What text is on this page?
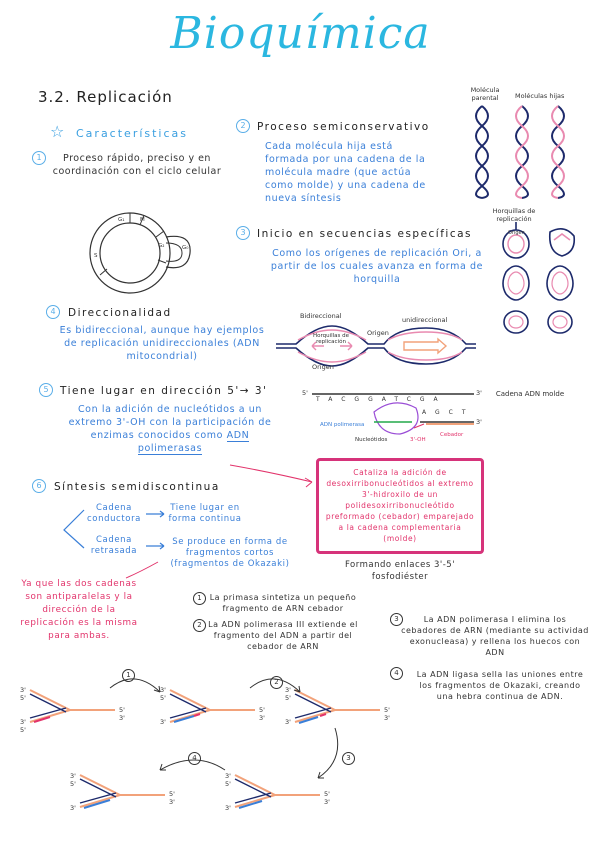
Bioquímica
3.2. Replicación
☆ Características
1	Proceso rápido, preciso y en coordinación con el ciclo celular
G₁	M
G₂	G₀
S
2	Proceso semiconservativo
Cada molécula hija está formada por una cadena de la molécula madre (que actúa como molde) y una cadena de nueva síntesis
Molécula parental	Moléculas hijas
3	Inicio en secuencias específicas
Como los orígenes de replicación Ori, a partir de los cuales avanza en forma de horquilla
Horquillas de replicación
Origen
4	Direccionalidad
Es bidireccional, aunque hay ejemplos de replicación unidireccionales (ADN mitocondrial)
Bidireccional	unidireccional
Horquillas de replicación
Origen
Origen
5	Tiene lugar en dirección 5'→ 3'
Con la adición de nucleótidos a un extremo 3'-OH con la participación de enzimas conocidos como ADN polimerasas
TACGGATCGA
AGCT
5'	3'
3'
Cadena ADN molde
ADN polimerasa
Nucleótidos	3'-OH
Cebador
Cataliza la adición de desoxirribonucleótidos al extremo 3'-hidroxilo de un polidesoxirribonucleótido preformado (cebador) emparejado a la cadena complementaria (molde)
Formando enlaces 3'-5' fosfodiéster
6	Síntesis semidiscontinua
Cadena conductora
Tiene lugar en forma continua
Cadena retrasada
Se produce en forma de fragmentos cortos (fragmentos de Okazaki)
Ya que las dos cadenas son antiparalelas y la dirección de la replicación es la misma para ambas.
1 La primasa sintetiza un pequeño fragmento de ARN cebador
2 La ADN polimerasa III extiende el fragmento del ADN a partir del cebador de ARN
3	La ADN polimerasa I elimina los cebadores de ARN (mediante su actividad exonucleasa) y rellena los huecos con ADN
4	La ADN ligasa sella las uniones entre los fragmentos de Okazaki, creando una hebra continua de ADN.
1
2
3
4
3'
5'
3'
5'
5'
3'
3'
5'
3'
5'
3'
3'
5'
3'
5'
3'
3'
5'
3'
5'
3'
3'
5'
3'
5'
3'
